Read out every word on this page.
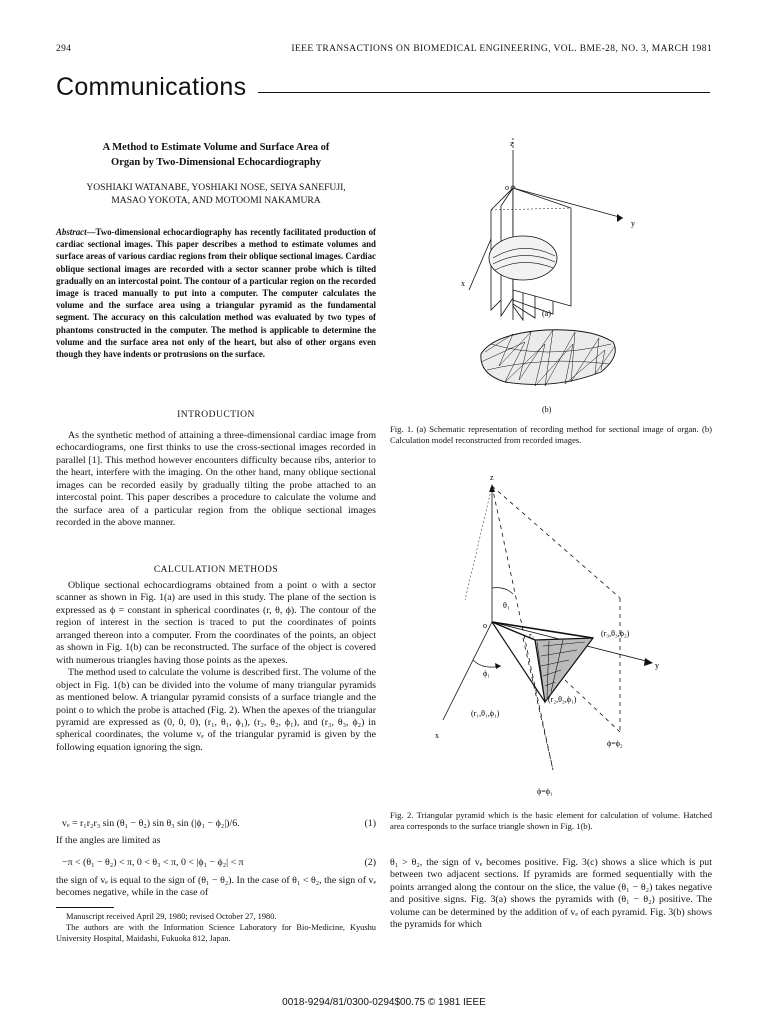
294	IEEE TRANSACTIONS ON BIOMEDICAL ENGINEERING, VOL. BME-28, NO. 3, MARCH 1981
Communications
A Method to Estimate Volume and Surface Area of
Organ by Two-Dimensional Echocardiography
YOSHIAKI WATANABE, YOSHIAKI NOSE, SEIYA SANEFUJI,
MASAO YOKOTA, AND MOTOOMI NAKAMURA
Abstract—Two-dimensional echocardiography has recently facilitated production of cardiac sectional images. This paper describes a method to estimate volumes and surface areas of various cardiac regions from their oblique sectional images. Cardiac oblique sectional images are recorded with a sector scanner probe which is tilted gradually on an intercostal point. The contour of a particular region on the recorded image is traced manually to put into a computer. The computer calculates the volume and the surface area using a triangular pyramid as the fundamental segment. The accuracy on this calculation method was evaluated by two types of phantoms constructed in the computer. The method is applicable to determine the volume and the surface area not only of the heart, but also of other organs even though they have indents or protrusions on the surface.
INTRODUCTION

As the synthetic method of attaining a three-dimensional cardiac image from echocardiograms, one first thinks to use the cross-sectional images recorded in parallel [1]. This method however encounters difficulty because ribs, anterior to the heart, interfere with the imaging. On the other hand, many oblique sectional images can be recorded easily by gradually tilting the probe attached to an intercostal point. This paper describes a procedure to calculate the volume and the surface area of a particular region from the oblique sectional images recorded in the above manner.

CALCULATION METHODS

Oblique sectional echocardiograms obtained from a point o with a sector scanner as shown in Fig. 1(a) are used in this study. The plane of the section is expressed as ϕ = constant in spherical coordinates (r, θ, ϕ). The contour of the region of interest in the section is traced to put the coordinates of points arranged thereon into a computer. From the coordinates of the points, an object as shown in Fig. 1(b) can be reconstructed. The surface of the object is covered with numerous triangles having those points as the apexes.

The method used to calculate the volume is described first. The volume of the object in Fig. 1(b) can be divided into the volume of many triangular pyramids as mentioned below. A triangular pyramid consists of a surface triangle and the point o to which the probe is attached (Fig. 2). When the apexes of the triangular pyramid are expressed as (0, 0, 0), (r₁, θ₁, ϕ₁), (r₂, θ₂, ϕ₁), and (r₃, θ₃, ϕ₂) in spherical coordinates, the volume vₑ of the triangular pyramid is given by the following equation ignoring the sign.

vₑ = r₁r₂r₃ sin (θ₁ − θ₂) sin θ₃ sin (|ϕ₁ − ϕ₂|)/6.	(1)
If the angles are limited as
−π < (θ₁ − θ₂) < π, 0 < θ₃ < π, 0 < |ϕ₁ − ϕ₂| < π	(2)

the sign of vₑ is equal to the sign of (θ₁ − θ₂). In the case of θ₁ < θ₂, the sign of vₑ becomes negative, while in the case of

Manuscript received April 29, 1980; revised October 27, 1980.

The authors are with the Information Science Laboratory for Bio-Medicine, Kyushu University Hospital, Maidashi, Fukuoka 812, Japan.

z
o
y
x
(a)
(b)
Fig. 1. (a) Schematic representation of recording method for sectional image of organ. (b) Calculation model reconstructed from recorded images.
z
o
y
x
θ₁
ϕ₁
r₁	(r₃,θ₃,ϕ₂)
(r₂,θ₂,ϕ₁)
(r₁,θ₁,ϕ₁)
ϕ=ϕ₂
ϕ=ϕ₁
Fig. 2. Triangular pyramid which is the basic element for calculation of volume. Hatched area corresponds to the surface triangle shown in Fig. 1(b).
θ₁ > θ₂, the sign of vₑ becomes positive. Fig. 3(c) shows a slice which is put between two adjacent sections. If pyramids are formed sequentially with the points arranged along the contour on the slice, the value (θ₁ − θ₂) takes negative and positive signs. Fig. 3(a) shows the pyramids with (θ₁ − θ₂) positive. The volume can be determined by the addition of vₑ of each pyramid. Fig. 3(b) shows the pyramids for which
0018-9294/81/0300-0294$00.75 © 1981 IEEE
